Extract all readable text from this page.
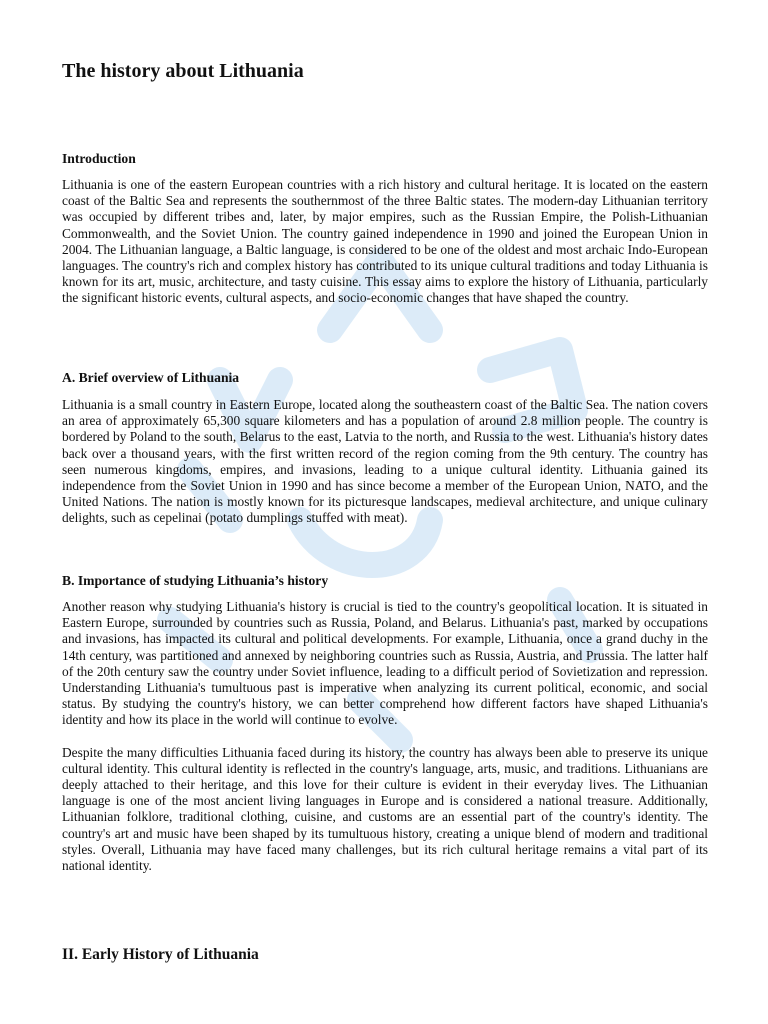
The history about Lithuania
Introduction

Lithuania is one of the eastern European countries with a rich history and cultural heritage. It is located on the eastern coast of the Baltic Sea and represents the southernmost of the three Baltic states. The modern-day Lithuanian territory was occupied by different tribes and, later, by major empires, such as the Russian Empire, the Polish-Lithuanian Commonwealth, and the Soviet Union. The country gained independence in 1990 and joined the European Union in 2004. The Lithuanian language, a Baltic language, is considered to be one of the oldest and most archaic Indo-European languages. The country's rich and complex history has contributed to its unique cultural traditions and today Lithuania is known for its art, music, architecture, and tasty cuisine. This essay aims to explore the history of Lithuania, particularly the significant historic events, cultural aspects, and socio-economic changes that have shaped the country.

A. Brief overview of Lithuania

Lithuania is a small country in Eastern Europe, located along the southeastern coast of the Baltic Sea. The nation covers an area of approximately 65,300 square kilometers and has a population of around 2.8 million people. The country is bordered by Poland to the south, Belarus to the east, Latvia to the north, and Russia to the west. Lithuania's history dates back over a thousand years, with the first written record of the region coming from the 9th century. The country has seen numerous kingdoms, empires, and invasions, leading to a unique cultural identity. Lithuania gained its independence from the Soviet Union in 1990 and has since become a member of the European Union, NATO, and the United Nations. The nation is mostly known for its picturesque landscapes, medieval architecture, and unique culinary delights, such as cepelinai (potato dumplings stuffed with meat).

B. Importance of studying Lithuania’s history

Another reason why studying Lithuania's history is crucial is tied to the country's geopolitical location. It is situated in Eastern Europe, surrounded by countries such as Russia, Poland, and Belarus. Lithuania's past, marked by occupations and invasions, has impacted its cultural and political developments. For example, Lithuania, once a grand duchy in the 14th century, was partitioned and annexed by neighboring countries such as Russia, Austria, and Prussia. The latter half of the 20th century saw the country under Soviet influence, leading to a difficult period of Sovietization and repression. Understanding Lithuania's tumultuous past is imperative when analyzing its current political, economic, and social status. By studying the country's history, we can better comprehend how different factors have shaped Lithuania's identity and how its place in the world will continue to evolve.

Despite the many difficulties Lithuania faced during its history, the country has always been able to preserve its unique cultural identity. This cultural identity is reflected in the country's language, arts, music, and traditions. Lithuanians are deeply attached to their heritage, and this love for their culture is evident in their everyday lives. The Lithuanian language is one of the most ancient living languages in Europe and is considered a national treasure. Additionally, Lithuanian folklore, traditional clothing, cuisine, and customs are an essential part of the country's identity. The country's art and music have been shaped by its tumultuous history, creating a unique blend of modern and traditional styles. Overall, Lithuania may have faced many challenges, but its rich cultural heritage remains a vital part of its national identity.

II. Early History of Lithuania
